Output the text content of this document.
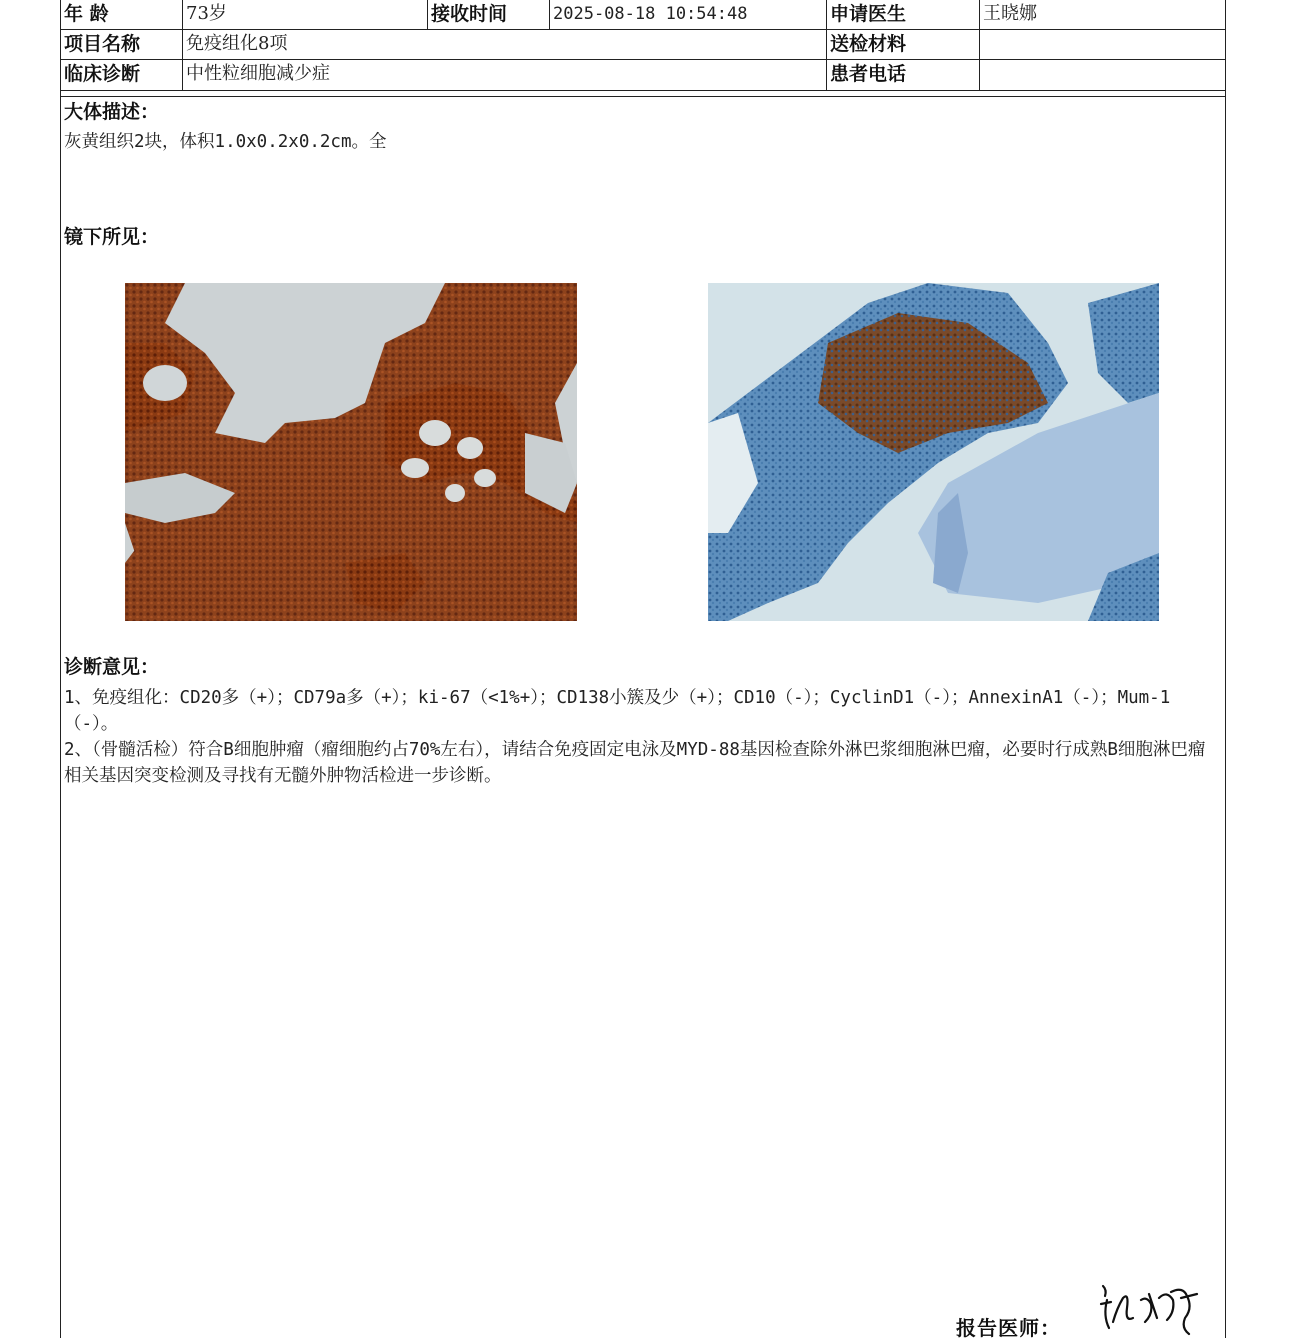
年 龄	73岁	接收时间	2025-08-18 10:54:48	申请医生	王晓娜
项目名称	免疫组化8项	送检材料
临床诊断	中性粒细胞减少症	患者电话
大体描述：
灰黄组织2块，体积1.0x0.2x0.2cm。全
镜下所见：
诊断意见：
1、免疫组化：CD20多（+）；CD79a多（+）；ki-67（<1%+）；CD138小簇及少（+）；CD10（-）；CyclinD1（-）；AnnexinA1（-）；Mum-1（-）。
2、（骨髓活检）符合B细胞肿瘤（瘤细胞约占70%左右），请结合免疫固定电泳及MYD-88基因检查除外淋巴浆细胞淋巴瘤，必要时行成熟B细胞淋巴瘤相关基因突变检测及寻找有无髓外肿物活检进一步诊断。
报告医师：
